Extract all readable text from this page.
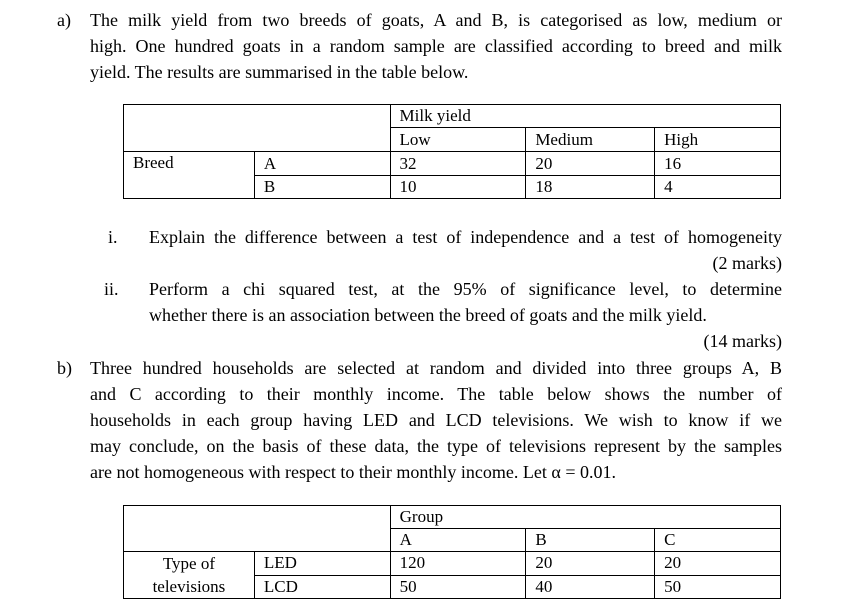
a) The milk yield from two breeds of goats, A and B, is categorised as low, medium or
high. One hundred goats in a random sample are classified according to breed and milk
yield. The results are summarised in the table below.
		Milk yield		
		Low	Medium	High
Breed	A	32	20	16
	B	10	18	4
i. Explain the difference between a test of independence and a test of homogeneity
(2 marks)
ii. Perform a chi squared test, at the 95% of significance level, to determine
whether there is an association between the breed of goats and the milk yield.
(14 marks)
b) Three hundred households are selected at random and divided into three groups A, B
and C according to their monthly income. The table below shows the number of
households in each group having LED and LCD televisions. We wish to know if we
may conclude, on the basis of these data, the type of televisions represent by the samples
are not homogeneous with respect to their monthly income. Let α = 0.01.
		Group		
		A	B	C

Type of
televisions	LED	120	20	20
	LCD	50	40	50
